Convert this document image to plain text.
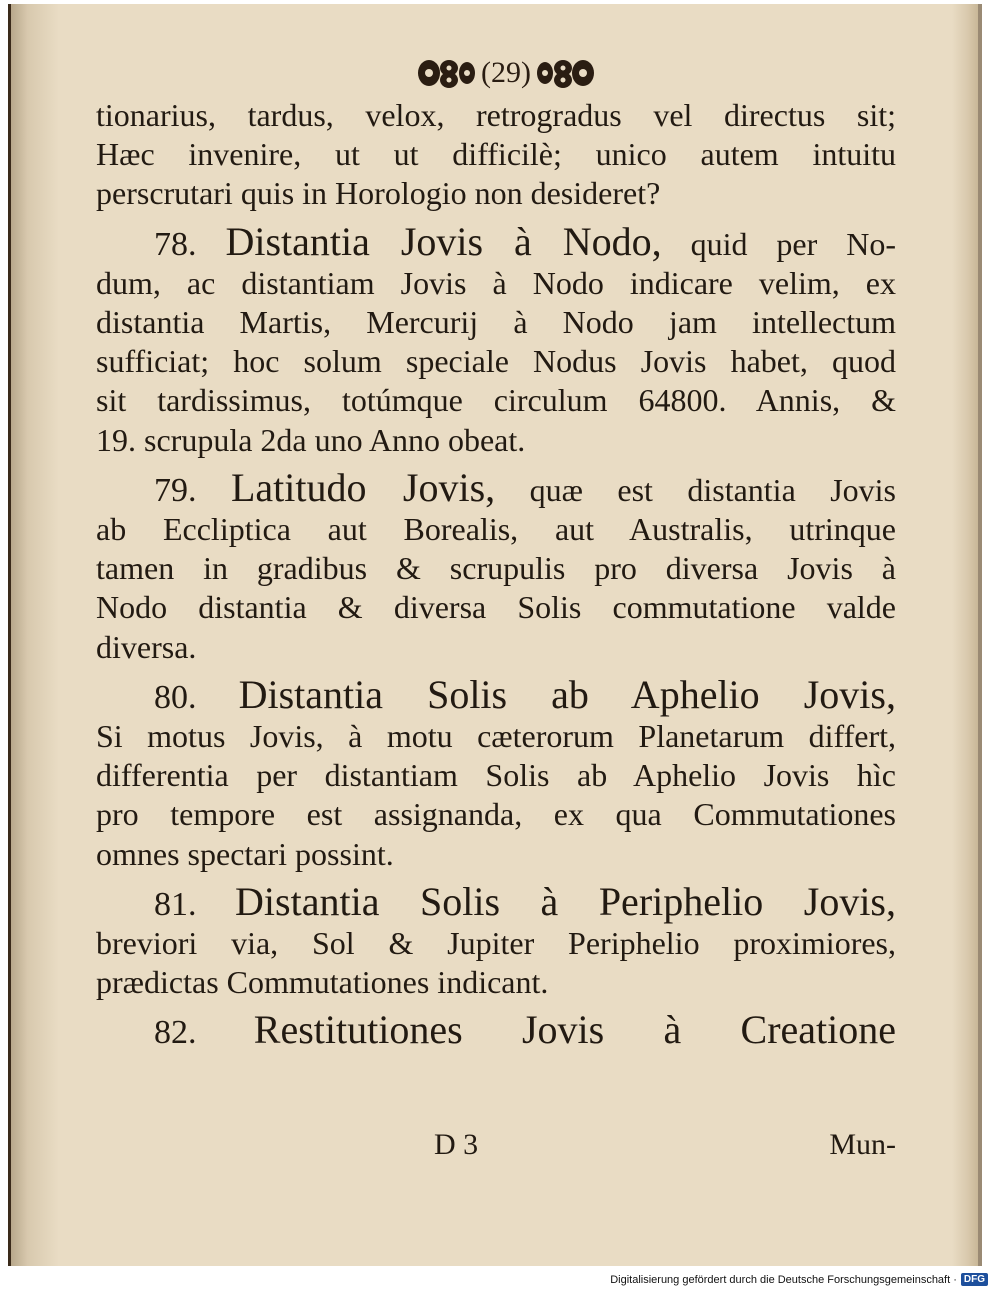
(29)
tionarius, tardus, velox, retrogradus vel directus sit;
Hæc invenire, ut ut difficilè; unico autem intuitu
perscrutari quis in Horologio non desideret?
78. Distantia Jovis à Nodo, quid per No-
dum, ac distantiam Jovis à Nodo indicare velim, ex
distantia Martis, Mercurij à Nodo jam intellectum
sufficiat; hoc solum speciale Nodus Jovis habet, quod
sit tardissimus, totúmque circulum 64800. Annis, &
19. scrupula 2da uno Anno obeat.
79. Latitudo Jovis, quæ est distantia Jovis
ab Eccliptica aut Borealis, aut Australis, utrinque
tamen in gradibus & scrupulis pro diversa Jovis à
Nodo distantia & diversa Solis commutatione valde
diversa.
80. Distantia Solis ab Aphelio Jovis,
Si motus Jovis, à motu cæterorum Planetarum differt,
differentia per distantiam Solis ab Aphelio Jovis hìc
pro tempore est assignanda, ex qua Commutationes
omnes spectari possint.
81. Distantia Solis à Periphelio Jovis,
breviori via, Sol & Jupiter Periphelio proximiores,
prædictas Commutationes indicant.
82. Restitutiones Jovis à Creatione
D 3	Mun-
Digitalisierung gefördert durch die Deutsche Forschungsgemeinschaft · DFG
